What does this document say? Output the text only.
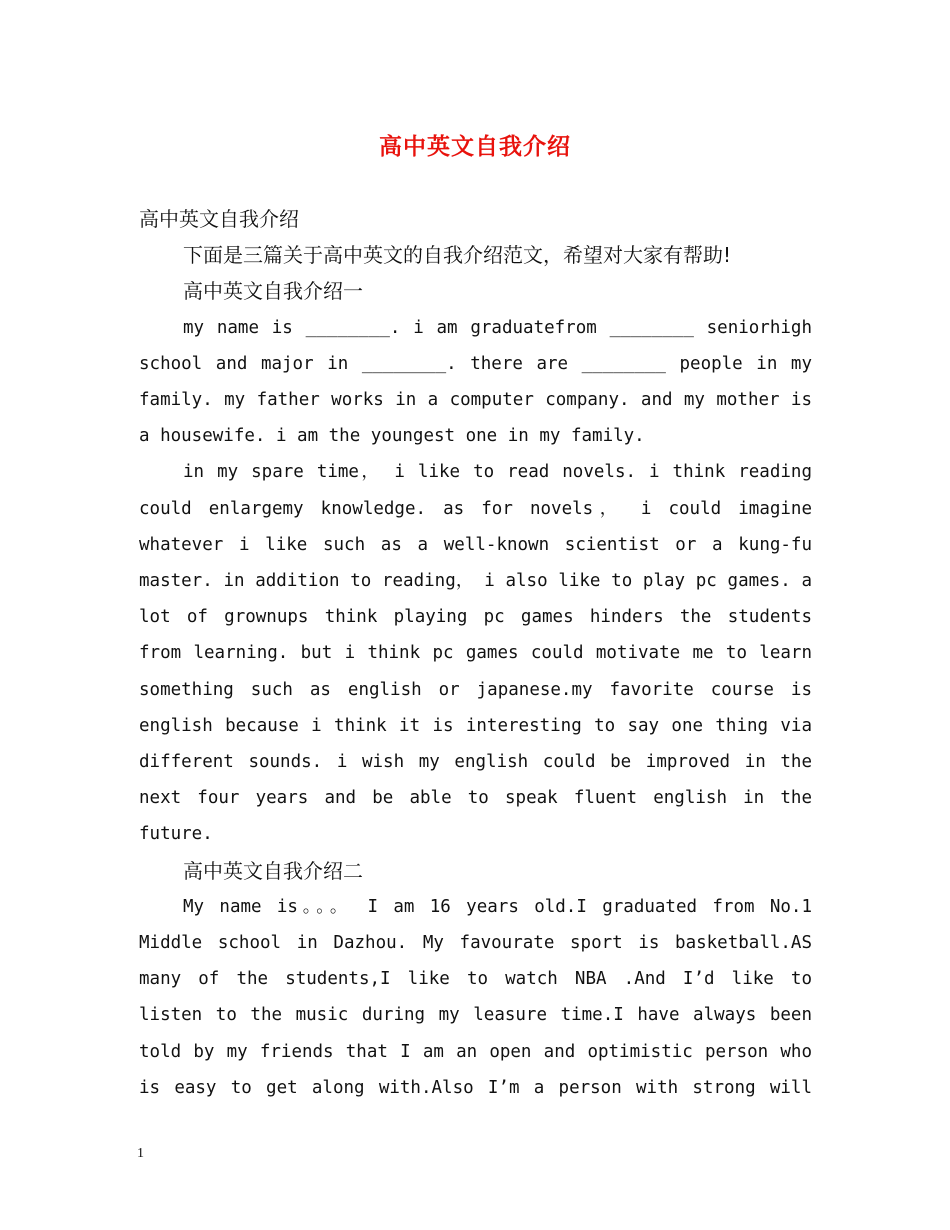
高中英文自我介绍
高中英文自我介绍
下面是三篇关于高中英文的自我介绍范文，希望对大家有帮助!
高中英文自我介绍一

my name is ________. i am graduatefrom ________ seniorhigh school and major in ________. there are ________ people in my family. my father works in a computer company. and my mother is a housewife. i am the youngest one in my family.

in my spare time， i like to read novels. i think reading could enlargemy knowledge. as for novels， i could imagine whatever i like such as a well-known scientist or a kung-fu master. in addition to reading， i also like to play pc games. a lot of grownups think playing pc games hinders the students from learning. but i think pc games could motivate me to learn something such as english or japanese.my favorite course is english because i think it is interesting to say one thing via different sounds. i wish my english could be improved in the next four years and be able to speak fluent english in the future.

高中英文自我介绍二

My name is。。。 I am 16 years old.I graduated from No.1 Middle school in Dazhou. My favourate sport is basketball.AS many of the students,I like to watch NBA .And I’d like to listen to the music during my leasure time.I have always been told by my friends that I am an open and optimistic person who is easy to get along with.Also I’m a person with strong will

1
